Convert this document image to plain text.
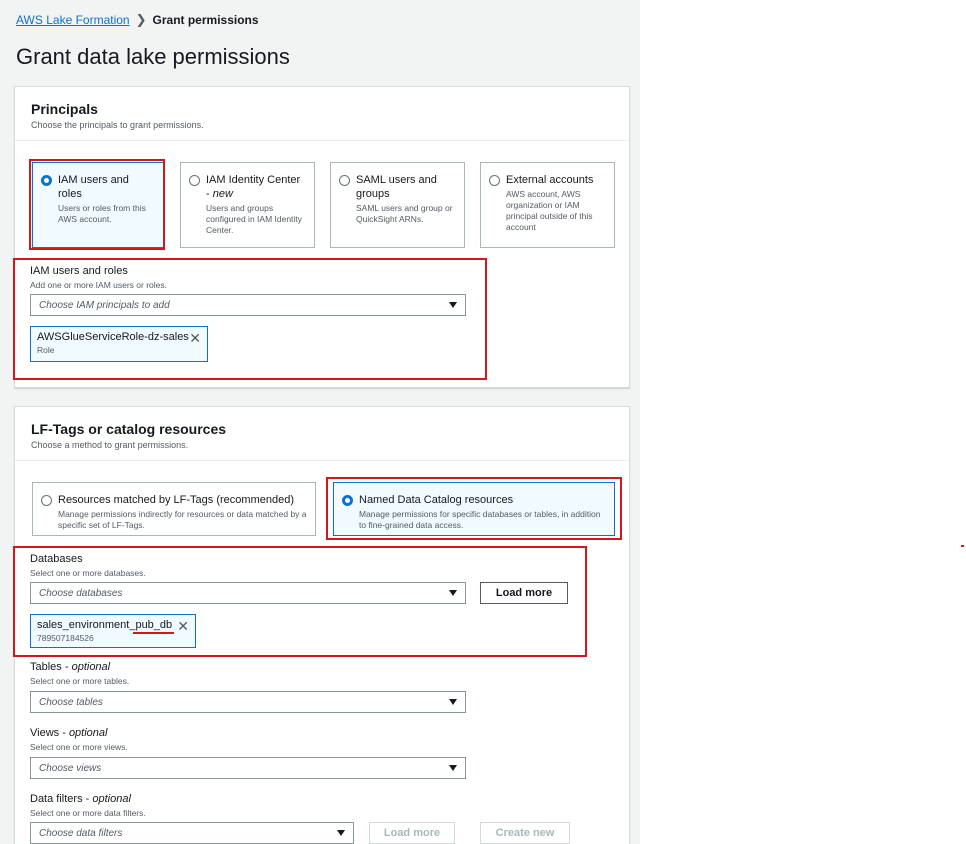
AWS Lake Formation ❯ Grant permissions
Grant data lake permissions
Principals
Choose the principals to grant permissions.
IAM users and roles
Users or roles from this AWS account.
IAM Identity Center - new
Users and groups configured in IAM Identity Center.
SAML users and groups
SAML users and group or QuickSight ARNs.
External accounts
AWS account, AWS organization or IAM principal outside of this account
IAM users and roles
Add one or more IAM users or roles.
Choose IAM principals to add
AWSGlueServiceRole-dz-sales
Role
✕
LF-Tags or catalog resources
Choose a method to grant permissions.
Resources matched by LF-Tags (recommended)
Manage permissions indirectly for resources or data matched by a specific set of LF-Tags.
Named Data Catalog resources
Manage permissions for specific databases or tables, in addition to fine-grained data access.
Databases
Select one or more databases.
Choose databases	Load more
sales_environment_pub_db
789507184526
✕
Tables - optional
Select one or more tables.
Choose tables
Views - optional
Select one or more views.
Choose views
Data filters - optional
Select one or more data filters.
Choose data filters	Load more	Create new
